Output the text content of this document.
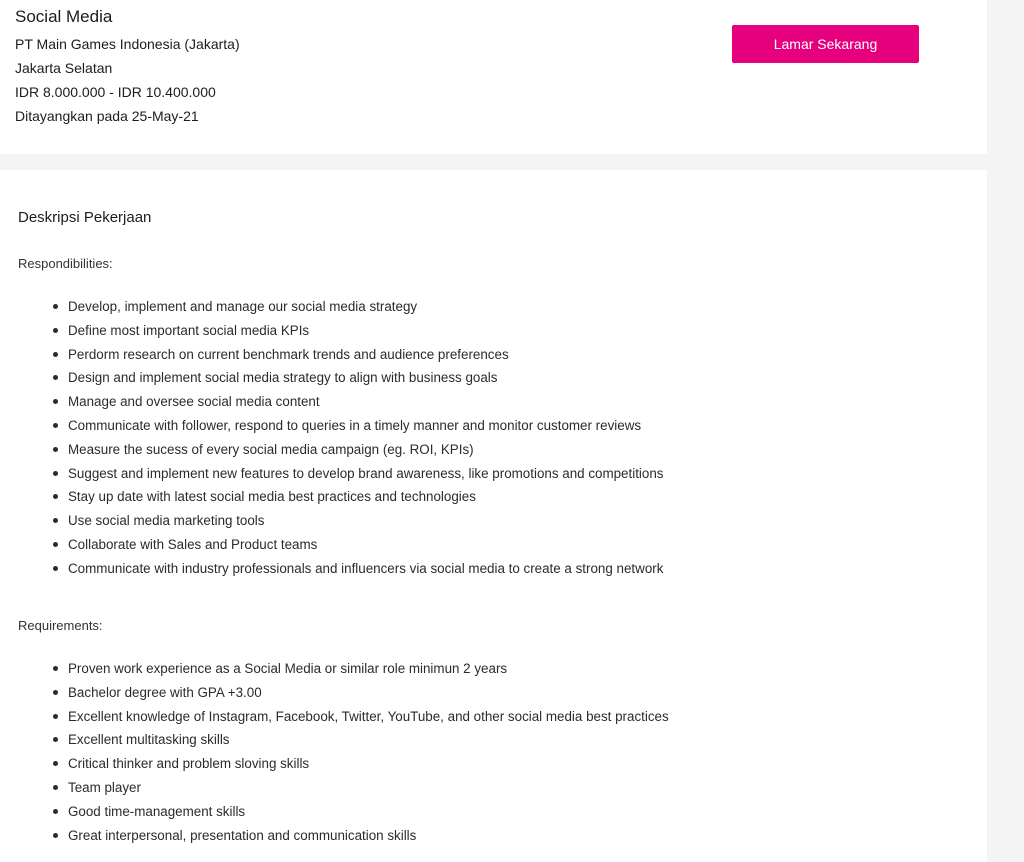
Social Media

PT Main Games Indonesia (Jakarta)

Jakarta Selatan

IDR 8.000.000 - IDR 10.400.000

Ditayangkan pada 25-May-21

Lamar Sekarang
Deskripsi Pekerjaan

Respondibilities:

Develop, implement and manage our social media strategy
Define most important social media KPIs
Perdorm research on current benchmark trends and audience preferences
Design and implement social media strategy to align with business goals
Manage and oversee social media content
Communicate with follower, respond to queries in a timely manner and monitor customer reviews
Measure the sucess of every social media campaign (eg. ROI, KPIs)
Suggest and implement new features to develop brand awareness, like promotions and competitions
Stay up date with latest social media best practices and technologies
Use social media marketing tools
Collaborate with Sales and Product teams
Communicate with industry professionals and influencers via social media to create a strong network

Requirements:

Proven work experience as a Social Media or similar role minimun 2 years
Bachelor degree with GPA +3.00
Excellent knowledge of Instagram, Facebook, Twitter, YouTube, and other social media best practices
Excellent multitasking skills
Critical thinker and problem sloving skills
Team player
Good time-management skills
Great interpersonal, presentation and communication skills
